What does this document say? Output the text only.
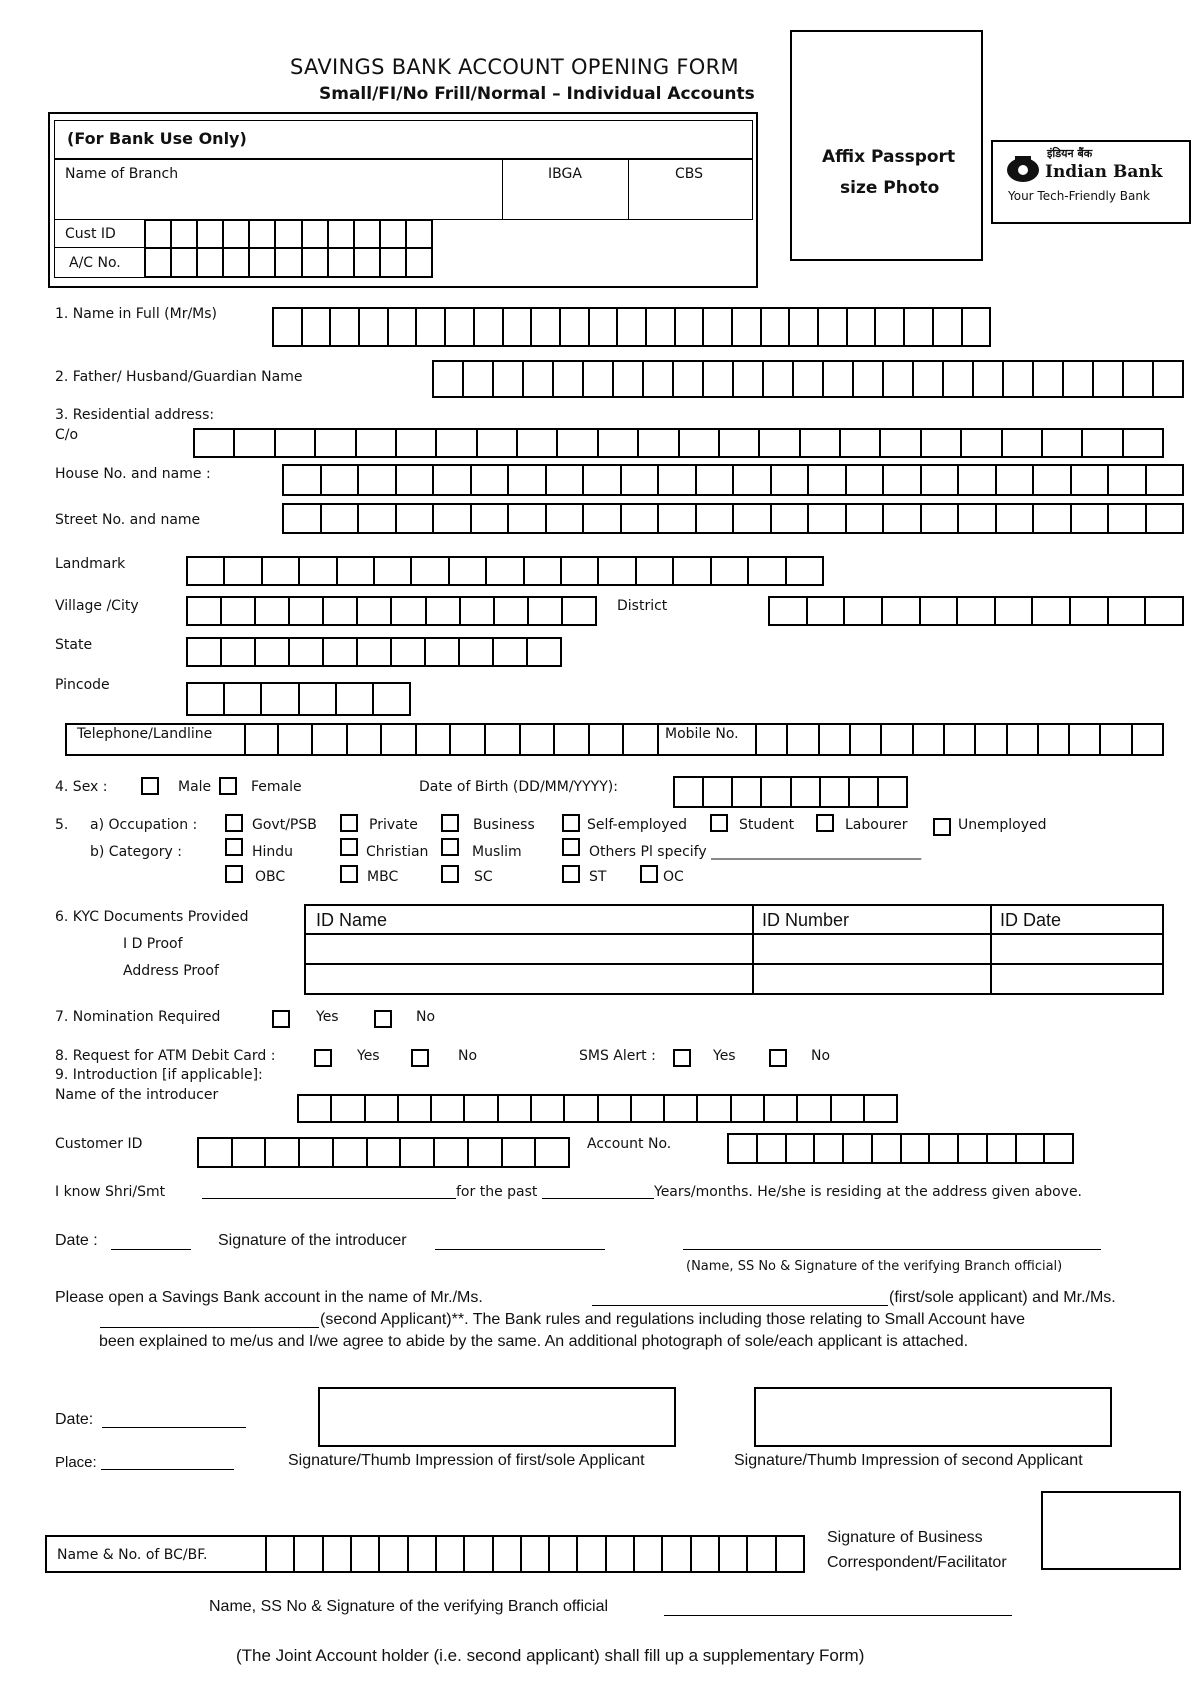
SAVINGS BANK ACCOUNT OPENING FORM
Small/FI/No Frill/Normal – Individual Accounts
Affix Passport
size Photo
इंडियन बैंक
Indian Bank
Your Tech-Friendly Bank
(For Bank Use Only)
Name of Branch	IBGA	CBS
Cust ID
A/C No.
1. Name in Full (Mr/Ms)
2. Father/ Husband/Guardian Name
3. Residential address:
C/o
House No. and name :
Street No. and name
Landmark
Village /City	District
State
Pincode
Telephone/Landline	Mobile No.
4. Sex :	Male	Female	Date of Birth (DD/MM/YYYY):
5. a) Occupation :	Govt/PSB	Private	Business	Self-employed	Student	Labourer	Unemployed
b) Category :	Hindu	Christian	Muslim	Others Pl specify ______________________________
OBC	MBC	SC	ST	OC
6. KYC Documents Provided
I D Proof
Address Proof
ID Name	ID Number	ID Date
7. Nomination Required	Yes	No
8. Request for ATM Debit Card :	Yes	No	SMS Alert :	Yes	No
9. Introduction [if applicable]:
Name of the introducer
Customer ID	Account No.
I know Shri/Smt	for the past	Years/months. He/she is residing at the address given above.
Date :	Signature of the introducer
(Name, SS No & Signature of the verifying Branch official)
Please open a Savings Bank account in the name of Mr./Ms.	(first/sole applicant) and Mr./Ms.
(second Applicant)**. The Bank rules and regulations including those relating to Small Account have
been explained to me/us and I/we agree to abide by the same. An additional photograph of sole/each applicant is attached.
Date:
Place:	Signature/Thumb Impression of first/sole Applicant	Signature/Thumb Impression of second Applicant
Name & No. of BC/BF.
Signature of Business
Correspondent/Facilitator
Name, SS No & Signature of the verifying Branch official
(The Joint Account holder (i.e. second applicant) shall fill up a supplementary Form)
